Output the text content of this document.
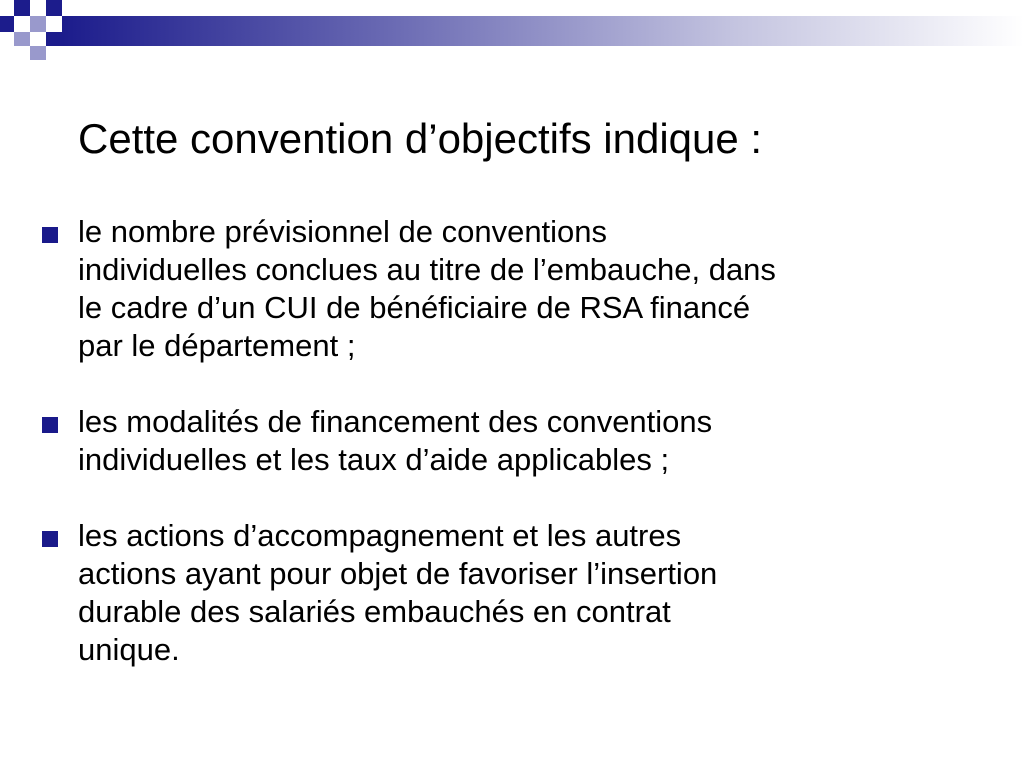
Cette convention d’objectifs indique :
le nombre prévisionnel de conventions
individuelles conclues au titre de l’embauche, dans
le cadre d’un CUI de bénéficiaire de RSA financé
par le département ;
les modalités de financement des conventions
individuelles et les taux d’aide applicables ;
les actions d’accompagnement et les autres
actions ayant pour objet de favoriser l’insertion
durable des salariés embauchés en contrat
unique.
